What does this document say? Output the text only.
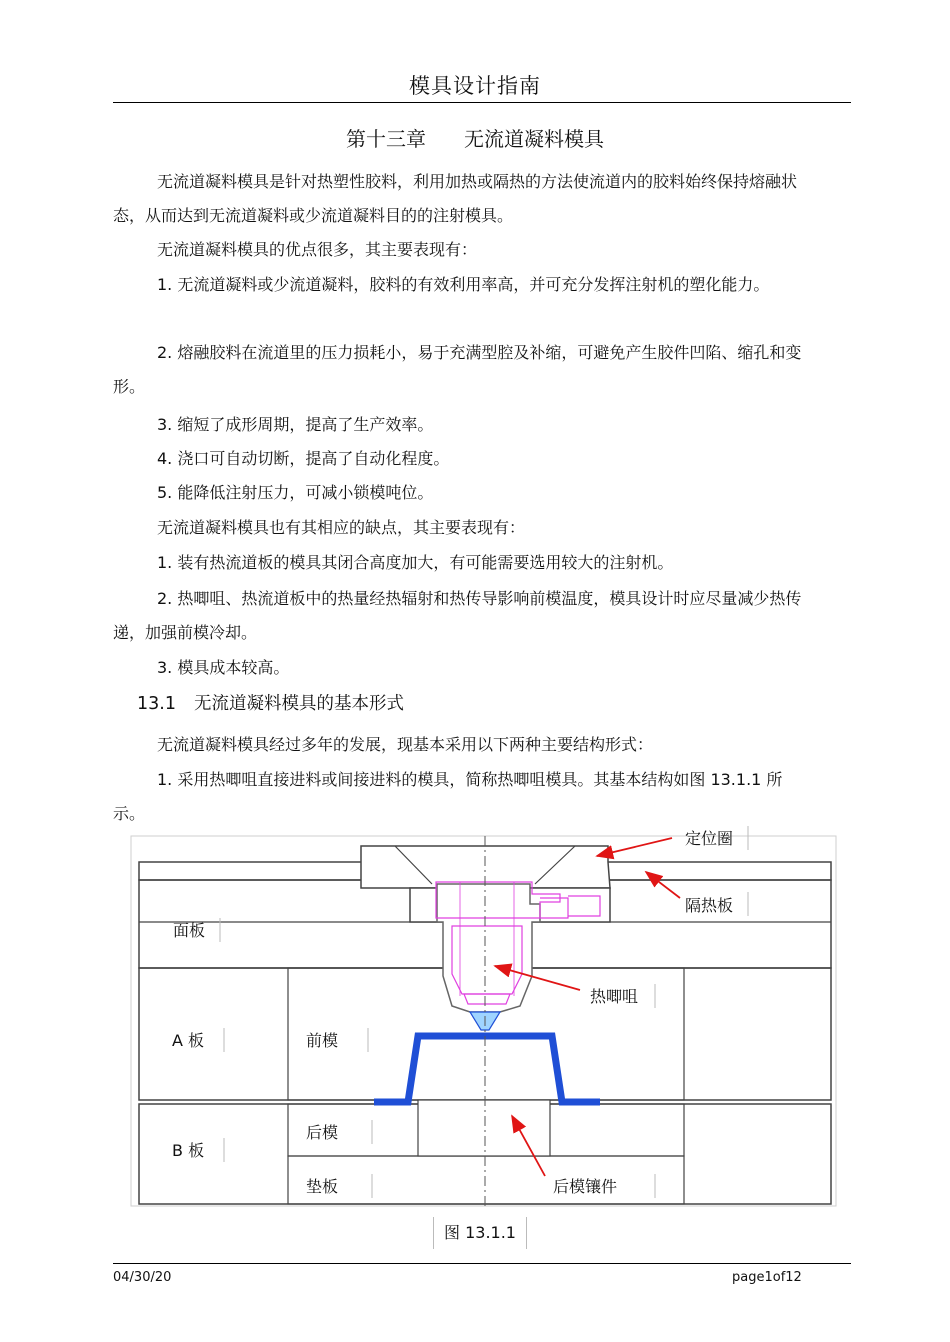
模具设计指南
第十三章 无流道凝料模具

无流道凝料模具是针对热塑性胶料，利用加热或隔热的方法使流道内的胶料始终保持熔融状态，从而达到无流道凝料或少流道凝料目的的注射模具。

无流道凝料模具的优点很多，其主要表现有：

1. 无流道凝料或少流道凝料，胶料的有效利用率高，并可充分发挥注射机的塑化能力。

2. 熔融胶料在流道里的压力损耗小，易于充满型腔及补缩，可避免产生胶件凹陷、缩孔和变形。

3. 缩短了成形周期，提高了生产效率。

4. 浇口可自动切断，提高了自动化程度。

5. 能降低注射压力，可减小锁模吨位。

无流道凝料模具也有其相应的缺点，其主要表现有：

1. 装有热流道板的模具其闭合高度加大，有可能需要选用较大的注射机。

2. 热唧咀、热流道板中的热量经热辐射和热传导影响前模温度，模具设计时应尽量减少热传递，加强前模冷却。

3. 模具成本较高。

13.1 无流道凝料模具的基本形式

无流道凝料模具经过多年的发展，现基本采用以下两种主要结构形式：

1. 采用热唧咀直接进料或间接进料的模具，简称热唧咀模具。其基本结构如图 13.1.1 所示。

定位圈
隔热板
面板
热唧咀
A 板	前模
B 板
后模
垫板	后模镶件
图 13.1.1
04/30/20	page1of12
